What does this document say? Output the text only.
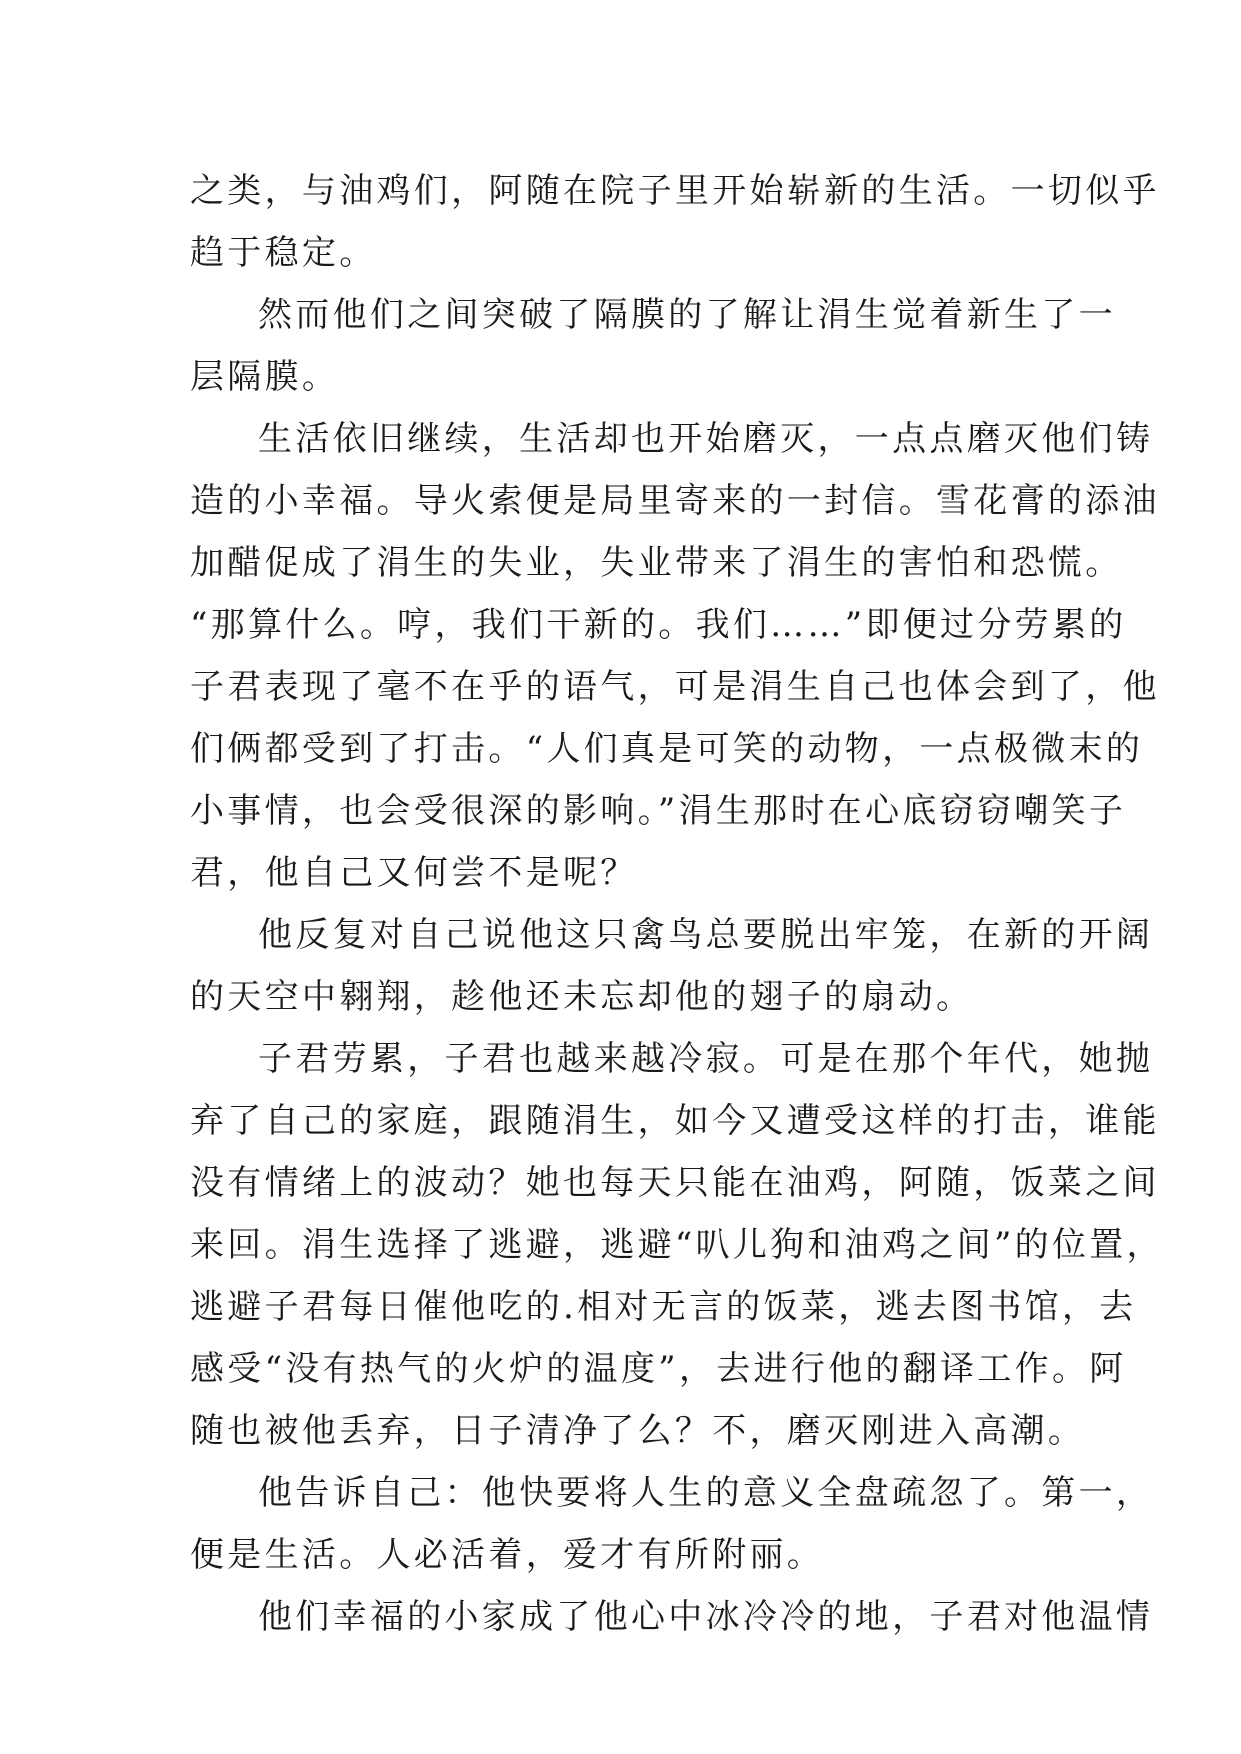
之类，与油鸡们，阿随在院子里开始崭新的生活。一切似乎
趋于稳定。
然而他们之间突破了隔膜的了解让涓生觉着新生了一
层隔膜。
生活依旧继续，生活却也开始磨灭，一点点磨灭他们铸
造的小幸福。导火索便是局里寄来的一封信。雪花膏的添油
加醋促成了涓生的失业，失业带来了涓生的害怕和恐慌。
“那算什么。哼，我们干新的。我们……”即便过分劳累的
子君表现了毫不在乎的语气，可是涓生自己也体会到了，他
们俩都受到了打击。“人们真是可笑的动物，一点极微末的
小事情，也会受很深的影响。”涓生那时在心底窃窃嘲笑子
君，他自己又何尝不是呢？
他反复对自己说他这只禽鸟总要脱出牢笼，在新的开阔
的天空中翱翔，趁他还未忘却他的翅子的扇动。
子君劳累，子君也越来越冷寂。可是在那个年代，她抛
弃了自己的家庭，跟随涓生，如今又遭受这样的打击，谁能
没有情绪上的波动？她也每天只能在油鸡，阿随，饭菜之间
来回。涓生选择了逃避，逃避“叭儿狗和油鸡之间”的位置，
逃避子君每日催他吃的.相对无言的饭菜，逃去图书馆，去
感受“没有热气的火炉的温度”，去进行他的翻译工作。阿
随也被他丢弃，日子清净了么？不，磨灭刚进入高潮。
他告诉自己：他快要将人生的意义全盘疏忽了。第一，
便是生活。人必活着，爱才有所附丽。
他们幸福的小家成了他心中冰冷冷的地，子君对他温情
